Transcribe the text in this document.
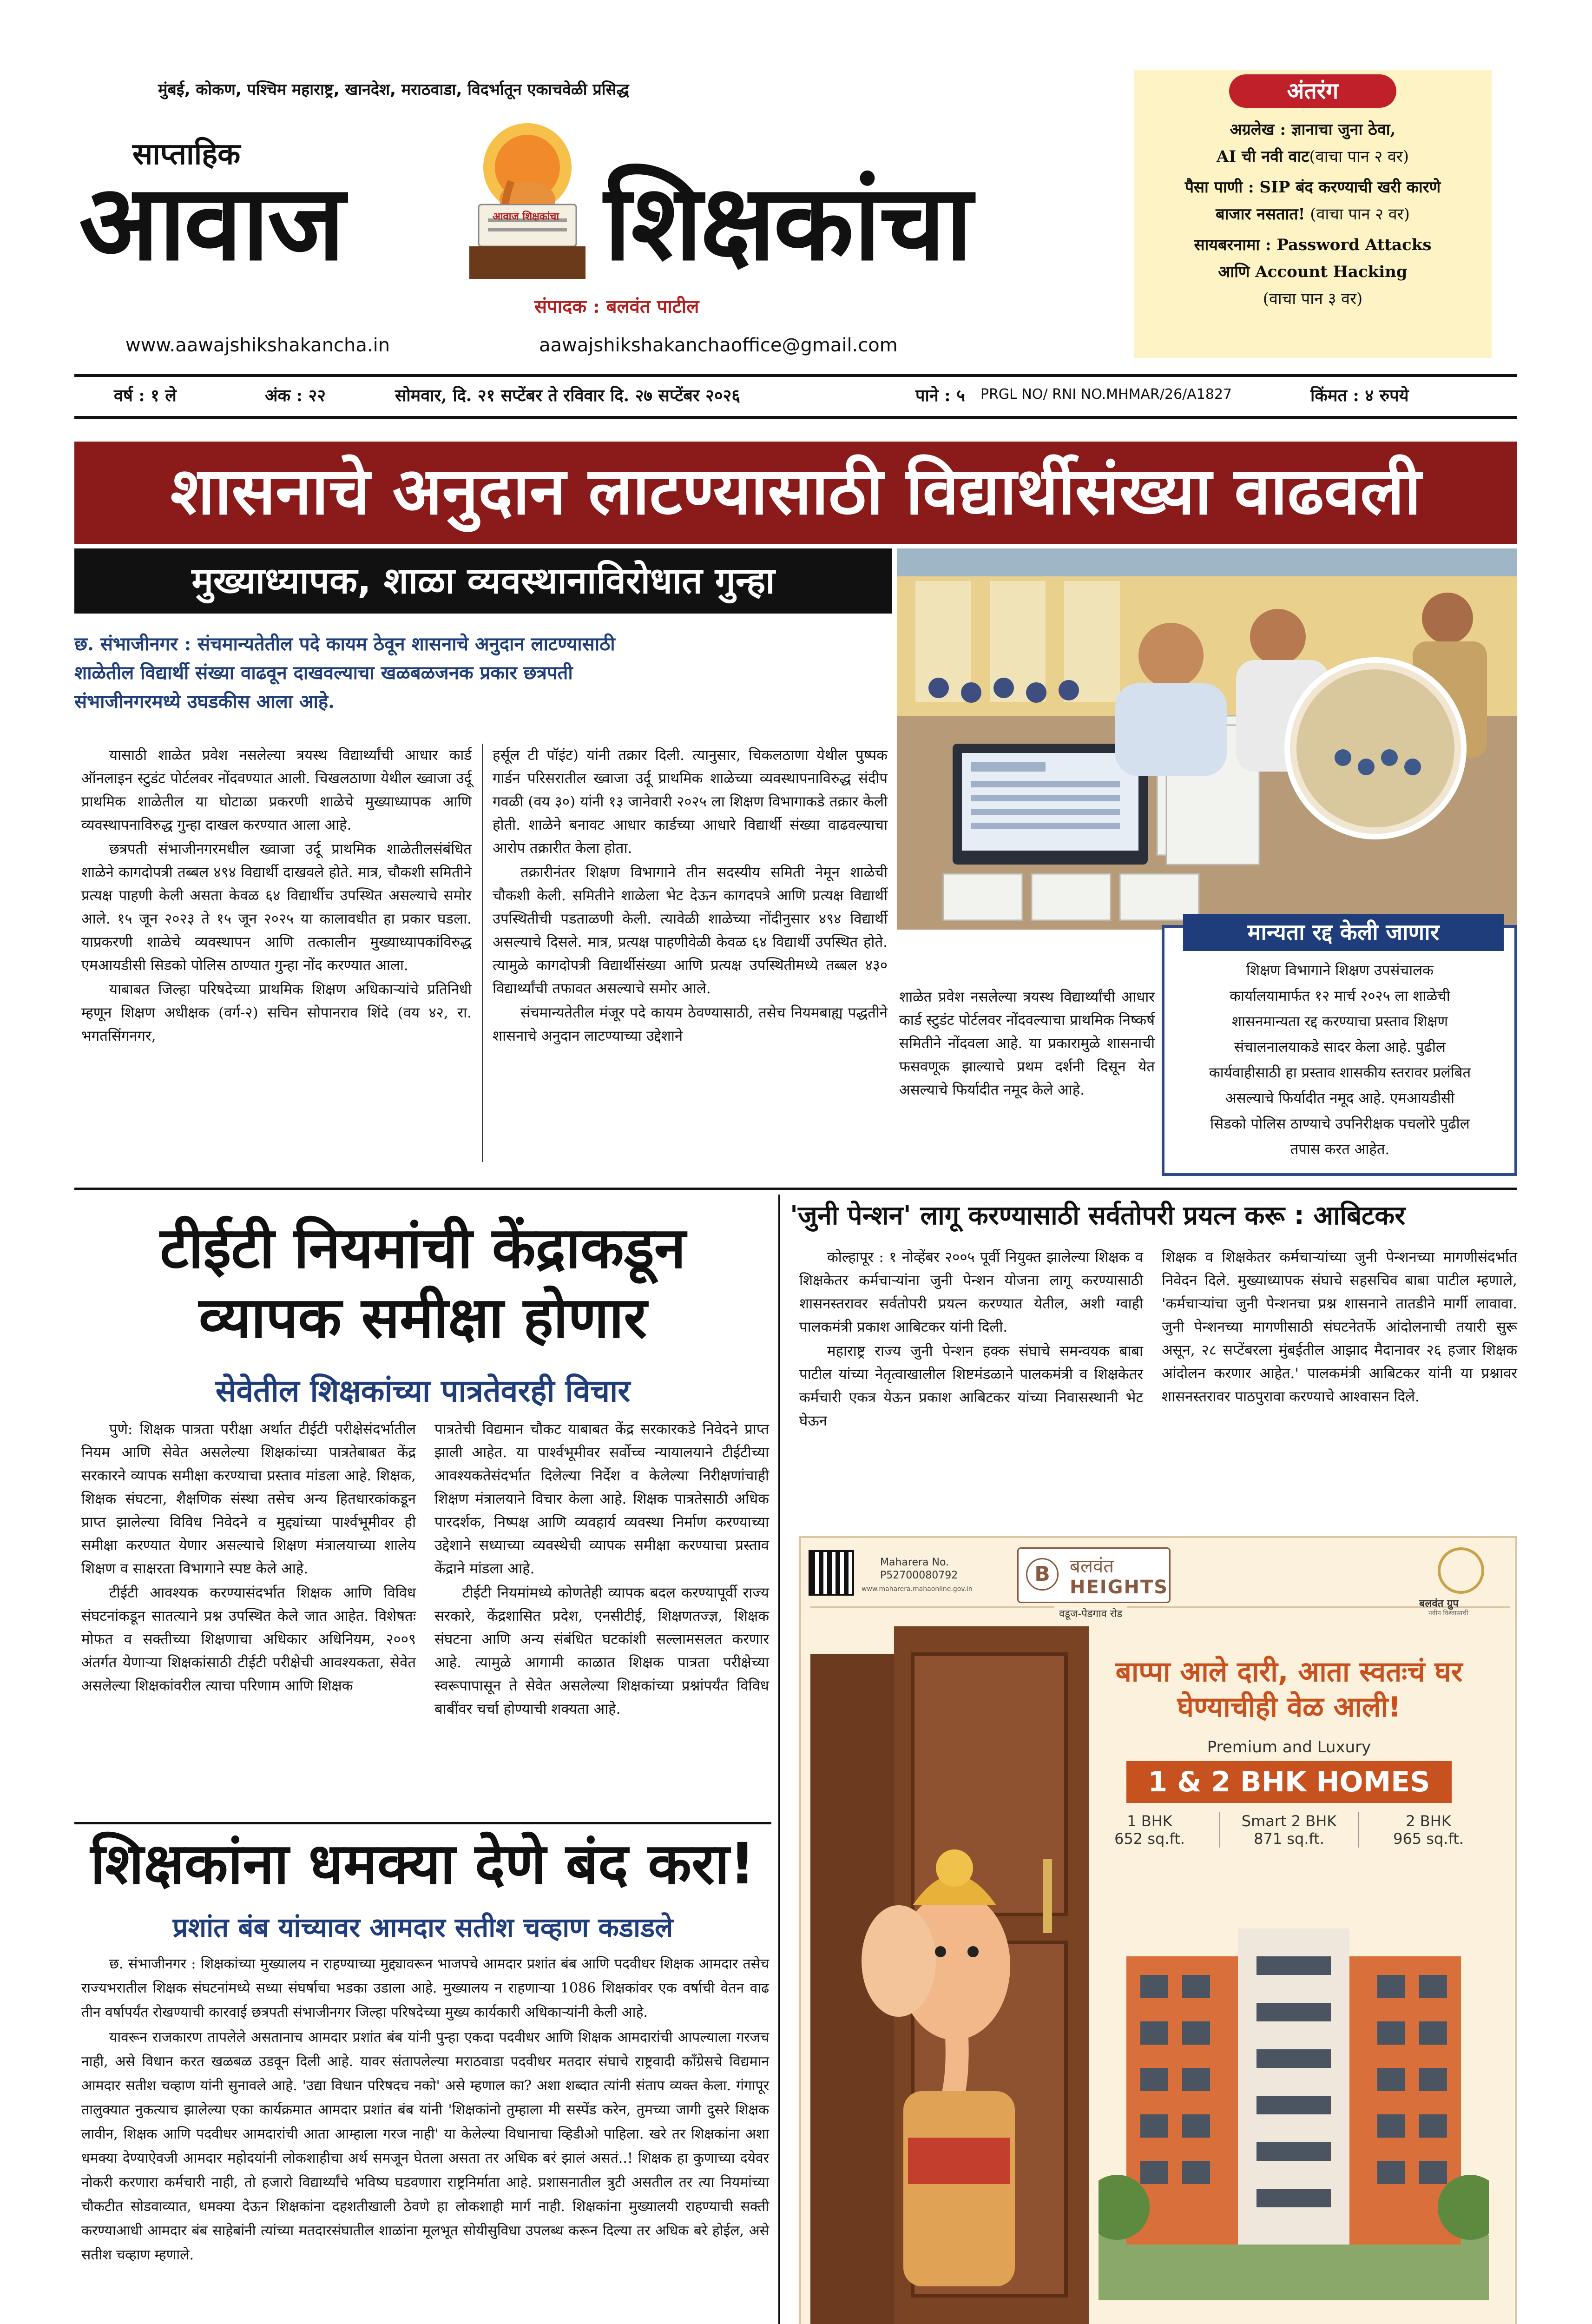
मुंबई, कोकण, पश्चिम महाराष्ट्र, खानदेश, मराठवाडा, विदर्भातून एकाचवेळी प्रसिद्ध
साप्ताहिक
आवाज	आवाज शिक्षकांचा शिक्षकांचा
संपादक : बलवंत पाटील
www.aawajshikshakancha.in	aawajshikshakanchaoffice@gmail.com
अंतरंग
अग्रलेख : ज्ञानाचा जुना ठेवा,
AI ची नवी वाट(वाचा पान २ वर)
पैसा पाणी : SIP बंद करण्याची खरी कारणे
बाजार नसतात! (वाचा पान २ वर)
सायबरनामा : Password Attacks
आणि Account Hacking
(वाचा पान ३ वर)
वर्ष : १ ले	अंक : २२	सोमवार, दि. २१ सप्टेंबर ते रविवार दि. २७ सप्टेंबर २०२६	पाने : ५ PRGL NO/ RNI NO.MHMAR/26/A1827	किंमत : ४ रुपये
शासनाचे अनुदान लाटण्यासाठी विद्यार्थीसंख्या वाढवली
मुख्याध्यापक, शाळा व्यवस्थानाविरोधात गुन्हा
छ. संभाजीनगर : संचमान्यतेतील पदे कायम ठेवून शासनाचे अनुदान लाटण्यासाठी
शाळेतील विद्यार्थी संख्या वाढवून दाखवल्याचा खळबळजनक प्रकार छत्रपती
संभाजीनगरमध्ये उघडकीस आला आहे.

यासाठी शाळेत प्रवेश नसलेल्या त्रयस्थ विद्यार्थ्यांची आधार कार्ड ऑनलाइन स्टुडंट पोर्टलवर नोंदवण्यात आली. चिखलठाणा येथील ख्वाजा उर्दू प्राथमिक शाळेतील या घोटाळा प्रकरणी शाळेचे मुख्याध्यापक आणि व्यवस्थापनाविरुद्ध गुन्हा दाखल करण्यात आला आहे.

छत्रपती संभाजीनगरमधील ख्वाजा उर्दू प्राथमिक शाळेतीलसंबंधित शाळेने कागदोपत्री तब्बल ४९४ विद्यार्थी दाखवले होते. मात्र, चौकशी समितीने प्रत्यक्ष पाहणी केली असता केवळ ६४ विद्यार्थीच उपस्थित असल्याचे समोर आले. १५ जून २०२३ ते १५ जून २०२५ या कालावधीत हा प्रकार घडला. याप्रकरणी शाळेचे व्यवस्थापन आणि तत्कालीन मुख्याध्यापकांविरुद्ध एमआयडीसी सिडको पोलिस ठाण्यात गुन्हा नोंद करण्यात आला.

याबाबत जिल्हा परिषदेच्या प्राथमिक शिक्षण अधिकाऱ्यांचे प्रतिनिधी म्हणून शिक्षण अधीक्षक (वर्ग-२) सचिन सोपानराव शिंदे (वय ४२, रा. भगतसिंगनगर,

हर्सूल टी पॉइंट) यांनी तक्रार दिली. त्यानुसार, चिकलठाणा येथील पुष्पक गार्डन परिसरातील ख्वाजा उर्दू प्राथमिक शाळेच्या व्यवस्थापनाविरुद्ध संदीप गवळी (वय ३०) यांनी १३ जानेवारी २०२५ ला शिक्षण विभागाकडे तक्रार केली होती. शाळेने बनावट आधार कार्डच्या आधारे विद्यार्थी संख्या वाढवल्याचा आरोप तक्रारीत केला होता.

तक्रारीनंतर शिक्षण विभागाने तीन सदस्यीय समिती नेमून शाळेची चौकशी केली. समितीने शाळेला भेट देऊन कागदपत्रे आणि प्रत्यक्ष विद्यार्थी उपस्थितीची पडताळणी केली. त्यावेळी शाळेच्या नोंदीनुसार ४९४ विद्यार्थी असल्याचे दिसले. मात्र, प्रत्यक्ष पाहणीवेळी केवळ ६४ विद्यार्थी उपस्थित होते. त्यामुळे कागदोपत्री विद्यार्थीसंख्या आणि प्रत्यक्ष उपस्थितीमध्ये तब्बल ४३० विद्यार्थ्यांची तफावत असल्याचे समोर आले.

संचमान्यतेतील मंजूर पदे कायम ठेवण्यासाठी, तसेच नियमबाह्य पद्धतीने शासनाचे अनुदान लाटण्याच्या उद्देशाने

शाळेत प्रवेश नसलेल्या त्रयस्थ विद्यार्थ्यांची आधार कार्ड स्टुडंट पोर्टलवर नोंदवल्याचा प्राथमिक निष्कर्ष समितीने नोंदवला आहे. या प्रकारामुळे शासनाची फसवणूक झाल्याचे प्रथम दर्शनी दिसून येत असल्याचे फिर्यादीत नमूद केले आहे.

मान्यता रद्द केली जाणार
शिक्षण विभागाने शिक्षण उपसंचालक
कार्यालयामार्फत १२ मार्च २०२५ ला शाळेची
शासनमान्यता रद्द करण्याचा प्रस्ताव शिक्षण
संचालनालयाकडे सादर केला आहे. पुढील
कार्यवाहीसाठी हा प्रस्ताव शासकीय स्तरावर प्रलंबित
असल्याचे फिर्यादीत नमूद आहे. एमआयडीसी
सिडको पोलिस ठाण्याचे उपनिरीक्षक पचलोरे पुढील
तपास करत आहेत.
टीईटी नियमांची केंद्राकडून
व्यापक समीक्षा होणार
सेवेतील शिक्षकांच्या पात्रतेवरही विचार

पुणे: शिक्षक पात्रता परीक्षा अर्थात टीईटी परीक्षेसंदर्भातील नियम आणि सेवेत असलेल्या शिक्षकांच्या पात्रतेबाबत केंद्र सरकारने व्यापक समीक्षा करण्याचा प्रस्ताव मांडला आहे. शिक्षक, शिक्षक संघटना, शैक्षणिक संस्था तसेच अन्य हितधारकांकडून प्राप्त झालेल्या विविध निवेदने व मुद्द्यांच्या पार्श्वभूमीवर ही समीक्षा करण्यात येणार असल्याचे शिक्षण मंत्रालयाच्या शालेय शिक्षण व साक्षरता विभागाने स्पष्ट केले आहे.

टीईटी आवश्यक करण्यासंदर्भात शिक्षक आणि विविध संघटनांकडून सातत्याने प्रश्न उपस्थित केले जात आहेत. विशेषतः मोफत व सक्तीच्या शिक्षणाचा अधिकार अधिनियम, २००९ अंतर्गत येणाऱ्या शिक्षकांसाठी टीईटी परीक्षेची आवश्यकता, सेवेत असलेल्या शिक्षकांवरील त्याचा परिणाम आणि शिक्षक

पात्रतेची विद्यमान चौकट याबाबत केंद्र सरकारकडे निवेदने प्राप्त झाली आहेत. या पार्श्वभूमीवर सर्वोच्च न्यायालयाने टीईटीच्या आवश्यकतेसंदर्भात दिलेल्या निर्देश व केलेल्या निरीक्षणांचाही शिक्षण मंत्रालयाने विचार केला आहे. शिक्षक पात्रतेसाठी अधिक पारदर्शक, निष्पक्ष आणि व्यवहार्य व्यवस्था निर्माण करण्याच्या उद्देशाने सध्याच्या व्यवस्थेची व्यापक समीक्षा करण्याचा प्रस्ताव केंद्राने मांडला आहे.

टीईटी नियमांमध्ये कोणतेही व्यापक बदल करण्यापूर्वी राज्य सरकारे, केंद्रशासित प्रदेश, एनसीटीई, शिक्षणतज्ज्ञ, शिक्षक संघटना आणि अन्य संबंधित घटकांशी सल्लामसलत करणार आहे. त्यामुळे आगामी काळात शिक्षक पात्रता परीक्षेच्या स्वरूपापासून ते सेवेत असलेल्या शिक्षकांच्या प्रश्नांपर्यंत विविध बाबींवर चर्चा होण्याची शक्यता आहे.

'जुनी पेन्शन' लागू करण्यासाठी सर्वतोपरी प्रयत्न करू : आबिटकर

कोल्हापूर : १ नोव्हेंबर २००५ पूर्वी नियुक्त झालेल्या शिक्षक व शिक्षकेतर कर्मचाऱ्यांना जुनी पेन्शन योजना लागू करण्यासाठी शासनस्तरावर सर्वतोपरी प्रयत्न करण्यात येतील, अशी ग्वाही पालकमंत्री प्रकाश आबिटकर यांनी दिली.

महाराष्ट्र राज्य जुनी पेन्शन हक्क संघाचे समन्वयक बाबा पाटील यांच्या नेतृत्वाखालील शिष्टमंडळाने पालकमंत्री व शिक्षकेतर कर्मचारी एकत्र येऊन प्रकाश आबिटकर यांच्या निवासस्थानी भेट घेऊन

शिक्षक व शिक्षकेतर कर्मचाऱ्यांच्या जुनी पेन्शनच्या मागणीसंदर्भात निवेदन दिले. मुख्याध्यापक संघाचे सहसचिव बाबा पाटील म्हणाले, 'कर्मचाऱ्यांचा जुनी पेन्शनचा प्रश्न शासनाने तातडीने मार्गी लावावा. जुनी पेन्शनच्या मागणीसाठी संघटनेतर्फे आंदोलनाची तयारी सुरू असून, २८ सप्टेंबरला मुंबईतील आझाद मैदानावर २६ हजार शिक्षक आंदोलन करणार आहेत.' पालकमंत्री आबिटकर यांनी या प्रश्नावर शासनस्तरावर पाठपुरावा करण्याचे आश्वासन दिले.

शिक्षकांना धमक्या देणे बंद करा!
प्रशांत बंब यांच्यावर आमदार सतीश चव्हाण कडाडले

छ. संभाजीनगर : शिक्षकांच्या मुख्यालय न राहण्याच्या मुद्द्यावरून भाजपचे आमदार प्रशांत बंब आणि पदवीधर शिक्षक आमदार तसेच राज्यभरातील शिक्षक संघटनांमध्ये सध्या संघर्षाचा भडका उडाला आहे. मुख्यालय न राहणाऱ्या 1086 शिक्षकांवर एक वर्षाची वेतन वाढ तीन वर्षापर्यंत रोखण्याची कारवाई छत्रपती संभाजीनगर जिल्हा परिषदेच्या मुख्य कार्यकारी अधिकाऱ्यांनी केली आहे.

यावरून राजकारण तापलेले असतानाच आमदार प्रशांत बंब यांनी पुन्हा एकदा पदवीधर आणि शिक्षक आमदारांची आपल्याला गरजच नाही, असे विधान करत खळबळ उडवून दिली आहे. यावर संतापलेल्या मराठवाडा पदवीधर मतदार संघाचे राष्ट्रवादी काँग्रेसचे विद्यमान आमदार सतीश चव्हाण यांनी सुनावले आहे. 'उद्या विधान परिषदच नको' असे म्हणाल का? अशा शब्दात त्यांनी संताप व्यक्त केला. गंगापूर तालुक्यात नुकत्याच झालेल्या एका कार्यक्रमात आमदार प्रशांत बंब यांनी 'शिक्षकांनो तुम्हाला मी सस्पेंड करेन, तुमच्या जागी दुसरे शिक्षक लावीन, शिक्षक आणि पदवीधर आमदारांची आता आम्हाला गरज नाही' या केलेल्या विधानाचा व्हिडीओ पाहिला. खरे तर शिक्षकांना अशा धमक्या देण्याऐवजी आमदार महोदयांनी लोकशाहीचा अर्थ समजून घेतला असता तर अधिक बरं झालं असतं..! शिक्षक हा कुणाच्या दयेवर नोकरी करणारा कर्मचारी नाही, तो हजारो विद्यार्थ्यांचे भविष्य घडवणारा राष्ट्रनिर्माता आहे. प्रशासनातील त्रुटी असतील तर त्या नियमांच्या चौकटीत सोडवाव्यात, धमक्या देऊन शिक्षकांना दहशतीखाली ठेवणे हा लोकशाही मार्ग नाही. शिक्षकांना मुख्यालयी राहण्याची सक्ती करण्याआधी आमदार बंब साहेबांनी त्यांच्या मतदारसंघातील शाळांना मूलभूत सोयीसुविधा उपलब्ध करून दिल्या तर अधिक बरे होईल, असे सतीश चव्हाण म्हणाले.

Maharera No.
P52700080792
www.maharera.mahaonline.gov.in
B	बलवंत
HEIGHTS
वडूज-पेडगाव रोड
बलवंत ग्रुप
नवीन विश्वासाची
बाप्पा आले दारी, आता स्वतःचं घर
घेण्याचीही वेळ आली!
Premium and Luxury
1 & 2 BHK HOMES
1 BHK
652 sq.ft.
Smart 2 BHK
871 sq.ft.
2 BHK
965 sq.ft.
